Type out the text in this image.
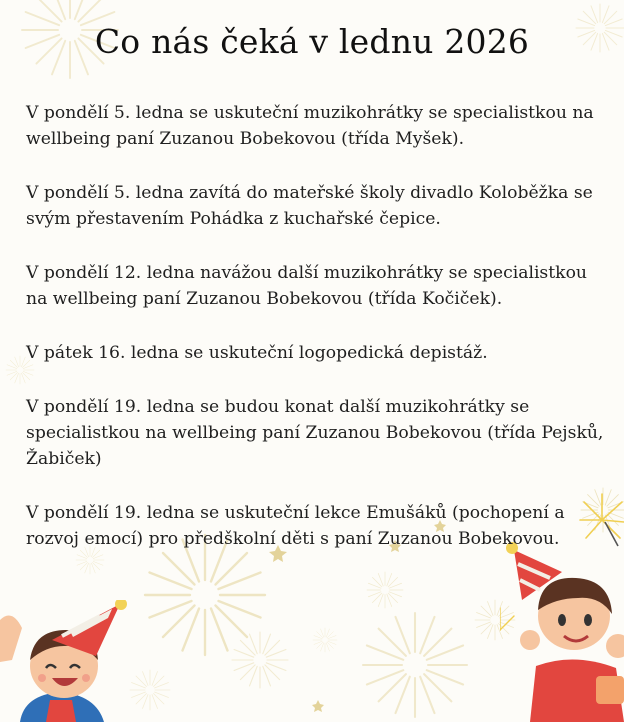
Co nás čeká v lednu 2026

V pondělí 5. ledna se uskuteční muzikohrátky se specialistkou na wellbeing paní Zuzanou Bobekovou (třída Myšek).

V pondělí 5. ledna zavítá do mateřské školy divadlo Koloběžka se svým přestavením Pohádka z kuchařské čepice.

V pondělí 12. ledna navážou další muzikohrátky se specialistkou na wellbeing paní Zuzanou Bobekovou (třída Kočiček).

V pátek 16. ledna se uskuteční logopedická depistáž.

V pondělí 19. ledna se budou konat další muzikohrátky se specialistkou na wellbeing paní Zuzanou Bobekovou (třída Pejsků, Žabiček)

V pondělí 19. ledna se uskuteční lekce Emušáků (pochopení a rozvoj emocí) pro předškolní děti s paní Zuzanou Bobekovou.
